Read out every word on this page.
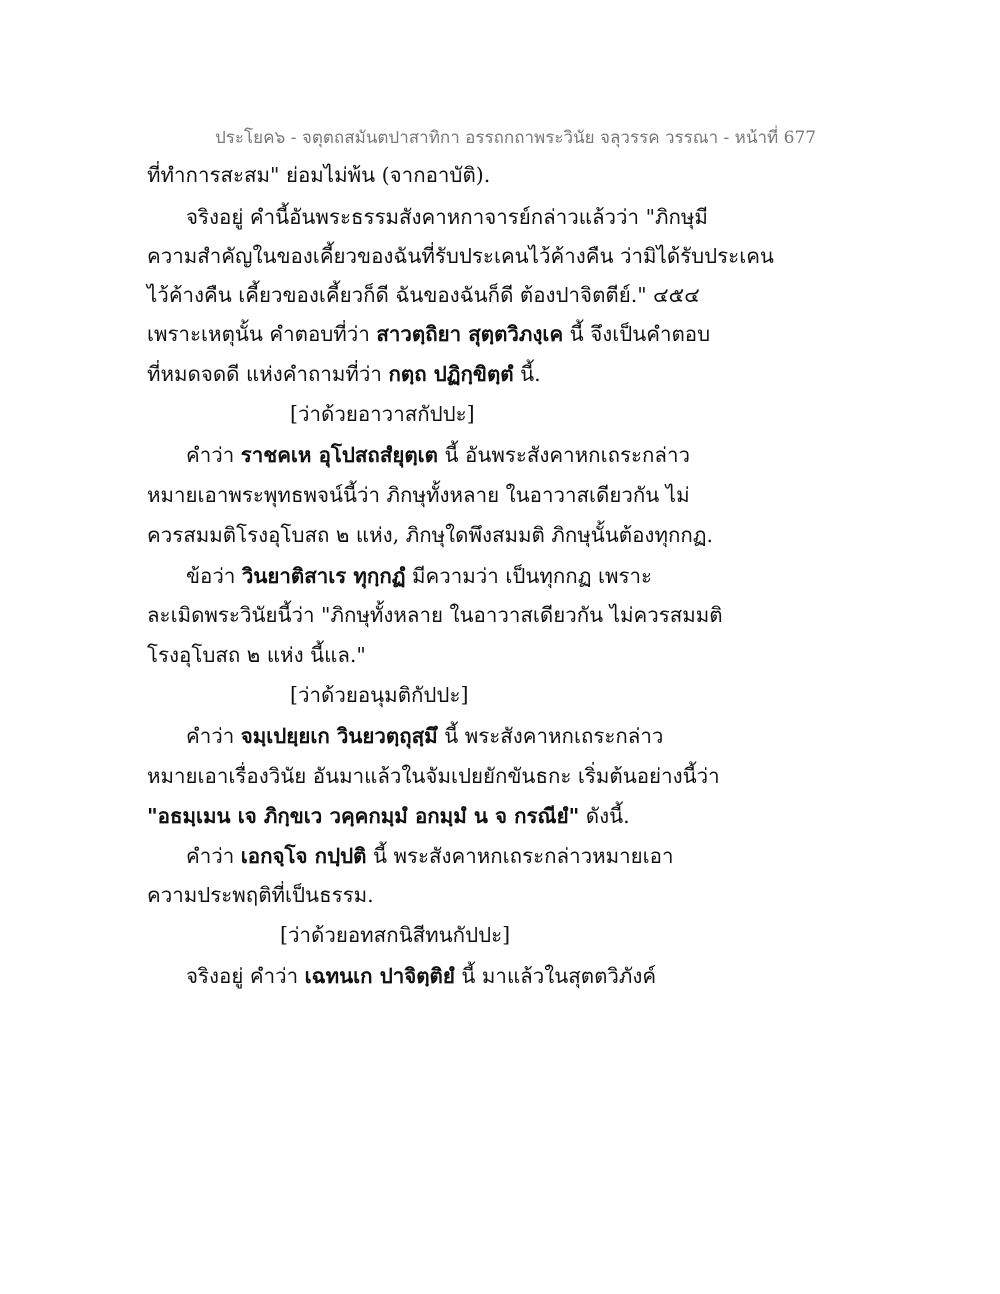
ประโยค๖ - จตุตถสมันตปาสาทิกา อรรถกถาพระวินัย จลุวรรค วรรณา - หน้าที่ 677
ที่ทำการสะสม" ย่อมไม่พ้น (จากอาบัติ).
จริงอยู่ คำนี้อันพระธรรมสังคาหกาจารย์กล่าวแล้วว่า "ภิกษุมี
ความสำคัญในของเคี้ยวของฉันที่รับประเคนไว้ค้างคืน ว่ามิได้รับประเคน
ไว้ค้างคืน เคี้ยวของเคี้ยวก็ดี ฉันของฉันก็ดี ต้องปาจิตตีย์." ๔๕๔
เพราะเหตุนั้น คำตอบที่ว่า สาวตฺถิยา สุตฺตวิภงฺเค นี้ จึงเป็นคำตอบ
ที่หมดจดดี แห่งคำถามที่ว่า กตฺถ ปฏิกฺขิตฺตํ นี้.
[ว่าด้วยอาวาสกัปปะ]
คำว่า ราชคเห อุโปสถสํยุตฺเต นี้ อันพระสังคาหกเถระกล่าว
หมายเอาพระพุทธพจน์นี้ว่า ภิกษุทั้งหลาย ในอาวาสเดียวกัน ไม่
ควรสมมติโรงอุโบสถ ๒ แห่ง, ภิกษุใดพึงสมมติ ภิกษุนั้นต้องทุกกฏ.
ข้อว่า วินยาติสาเร ทุกฺกฏํ มีความว่า เป็นทุกกฏ เพราะ
ละเมิดพระวินัยนี้ว่า "ภิกษุทั้งหลาย ในอาวาสเดียวกัน ไม่ควรสมมติ
โรงอุโบสถ ๒ แห่ง นี้แล."
[ว่าด้วยอนุมติกัปปะ]
คำว่า จมฺเปยฺยเก วินยวตฺถุสฺมึ นี้ พระสังคาหกเถระกล่าว
หมายเอาเรื่องวินัย อันมาแล้วในจัมเปยยักขันธกะ เริ่มต้นอย่างนี้ว่า
"อธมฺเมน เจ ภิกฺขเว วคฺคกมฺมํ อกมฺมํ น จ กรณียํ" ดังนี้.
คำว่า เอกจฺโจ กปฺปติ นี้ พระสังคาหกเถระกล่าวหมายเอา
ความประพฤติที่เป็นธรรม.
[ว่าด้วยอทสกนิสีทนกัปปะ]
จริงอยู่ คำว่า เฉทนเก ปาจิตฺติยํ นี้ มาแล้วในสุตตวิภังค์
